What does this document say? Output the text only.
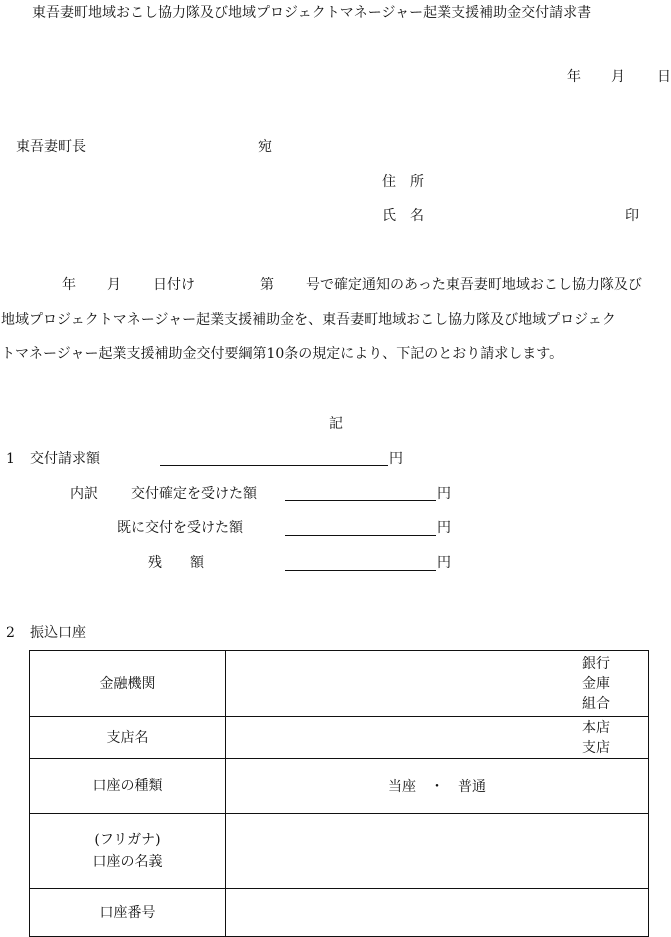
東吾妻町地域おこし協力隊及び地域プロジェクトマネージャー起業支援補助金交付請求書
年 月 日
東吾妻町長	宛
住　所
氏　名	印
年 月 日付け	第 号で確定通知のあった東吾妻町地域おこし協力隊及び
地域プロジェクトマネージャー起業支援補助金を、東吾妻町地域おこし協力隊及び地域プロジェク
トマネージャー起業支援補助金交付要綱第10条の規定により、下記のとおり請求します。
記
1 交付請求額	円
内訳 交付確定を受けた額	円
既に交付を受けた額	円
残　　額	円
2 振込口座
金融機関	銀行
金庫
組合

支店名	本店
支店

口座の種類	当座　・　普通

(フリガナ)
口座の名義	

口座番号	
